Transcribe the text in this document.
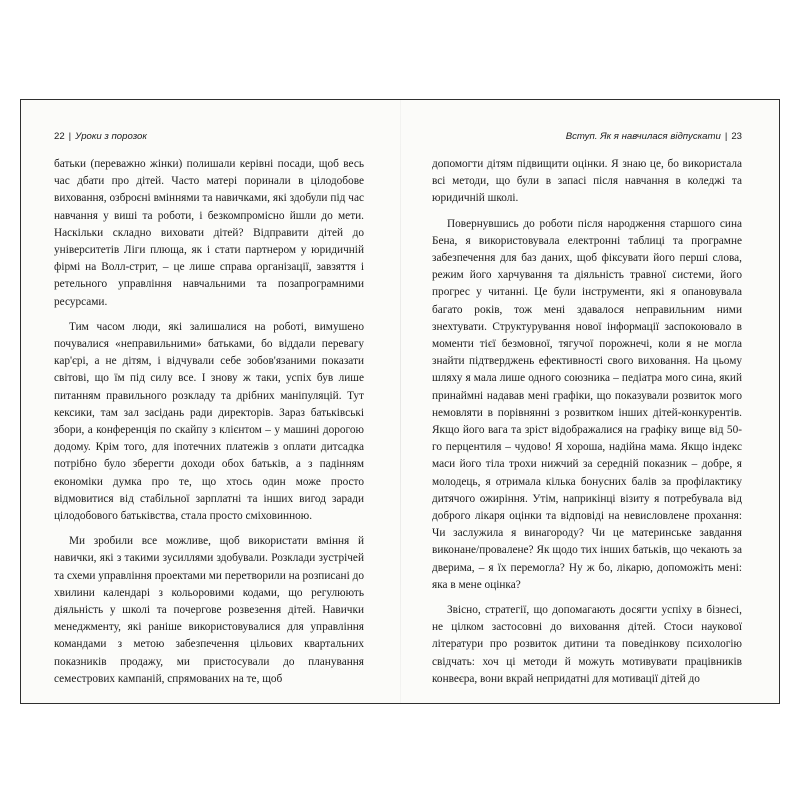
22 | Уроки з порозок

батьки (переважно жінки) полишали керівні посади, щоб весь час дбати про дітей. Часто матері поринали в цілодобове виховання, озброєні вміннями та навичками, які здобули під час навчання у виші та роботи, і безкомпромісно йшли до мети. Наскільки складно виховати дітей? Відправити дітей до університетів Ліги плюща, як і стати партнером у юридичній фірмі на Волл-стрит, – це лише справа організації, завзяття і ретельного управління навчальними та позапрограмними ресурсами.

Тим часом люди, які залишалися на роботі, вимушено почувалися «неправильними» батьками, бо віддали перевагу кар'єрі, а не дітям, і відчували себе зобов'язаними показати світові, що їм під силу все. І знову ж таки, успіх був лише питанням правильного розкладу та дрібних маніпуляцій. Тут кексики, там зал засідань ради директорів. Зараз батьківські збори, а конференція по скайпу з клієнтом – у машині дорогою додому. Крім того, для іпотечних платежів з оплати дитсадка потрібно було зберегти доходи обох батьків, а з падінням економіки думка про те, що хтось один може просто відмовитися від стабільної зарплатні та інших вигод заради цілодобового батьківства, стала просто сміховинною.

Ми зробили все можливе, щоб використати вміння й навички, які з такими зусиллями здобували. Розклади зустрічей та схеми управління проектами ми перетворили на розписані до хвилини календарі з кольоровими кодами, що регулюють діяльність у школі та почергове розвезення дітей. Навички менеджменту, які раніше використовувалися для управління командами з метою забезпечення цільових квартальних показників продажу, ми пристосували до планування семестрових кампаній, спрямованих на те, щоб

Вступ. Як я навчилася відпускати | 23

допомогти дітям підвищити оцінки. Я знаю це, бо використала всі методи, що були в запасі після навчання в коледжі та юридичній школі.

Повернувшись до роботи після народження старшого сина Бена, я використовувала електронні таблиці та програмне забезпечення для баз даних, щоб фіксувати його перші слова, режим його харчування та діяльність травної системи, його прогрес у читанні. Це були інструменти, які я опановувала багато років, тож мені здавалося неправильним ними знехтувати. Структурування нової інформації заспокоювало в моменти тієї безмовної, тягучої порожнечі, коли я не могла знайти підтверджень ефективності свого виховання. На цьому шляху я мала лише одного союзника – педіатра мого сина, який принаймні надавав мені графіки, що показували розвиток мого немовляти в порівнянні з розвитком інших дітей-конкурентів. Якщо його вага та зріст відображалися на графіку вище від 50-го перцентиля – чудово! Я хороша, надійна мама. Якщо індекс маси його тіла трохи нижчий за середній показник – добре, я молодець, я отримала кілька бонусних балів за профілактику дитячого ожиріння. Утім, наприкінці візиту я потребувала від доброго лікаря оцінки та відповіді на невисловлене прохання: Чи заслужила я винагороду? Чи це материнське завдання виконане/провалене? Як щодо тих інших батьків, що чекають за дверима, – я їх перемогла? Ну ж бо, лікарю, допоможіть мені: яка в мене оцінка?

Звісно, стратегії, що допомагають досягти успіху в бізнесі, не цілком застосовні до виховання дітей. Стоси наукової літератури про розвиток дитини та поведінкову психологію свідчать: хоч ці методи й можуть мотивувати працівників конвеєра, вони вкрай непридатні для мотивації дітей до
